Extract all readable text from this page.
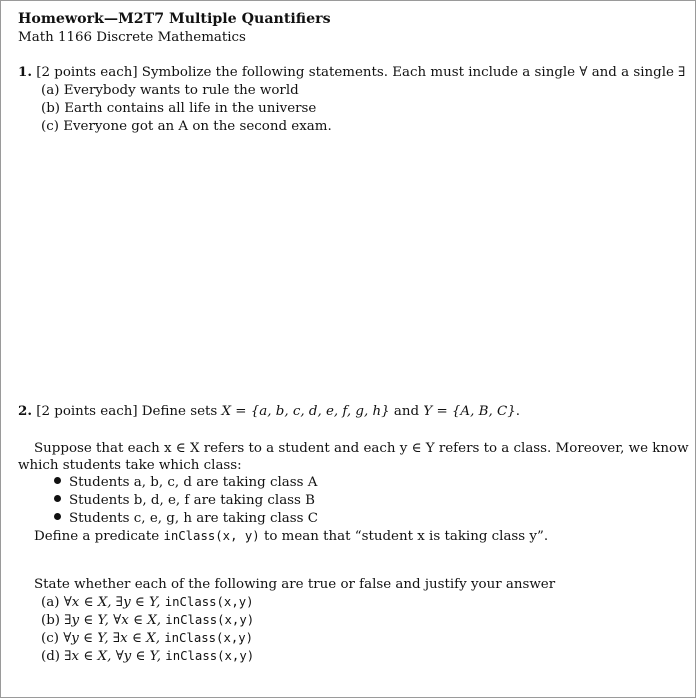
Homework—M2T7 Multiple Quantifiers
Math 1166 Discrete Mathematics
1. [2 points each] Symbolize the following statements. Each must include a single ∀ and a single ∃
(a) Everybody wants to rule the world
(b) Earth contains all life in the universe
(c) Everyone got an A on the second exam.
2. [2 points each] Define sets X = {a, b, c, d, e, f, g, h} and Y = {A, B, C}.
Suppose that each x ∈ X refers to a student and each y ∈ Y refers to a class. Moreover, we know
which students take which class:
Students a, b, c, d are taking class A
Students b, d, e, f are taking class B
Students c, e, g, h are taking class C
Define a predicate inClass(x, y) to mean that “student x is taking class y”.
State whether each of the following are true or false and justify your answer
(a) ∀x ∈ X, ∃y ∈ Y, inClass(x,y)
(b) ∃y ∈ Y, ∀x ∈ X, inClass(x,y)
(c) ∀y ∈ Y, ∃x ∈ X, inClass(x,y)
(d) ∃x ∈ X, ∀y ∈ Y, inClass(x,y)
